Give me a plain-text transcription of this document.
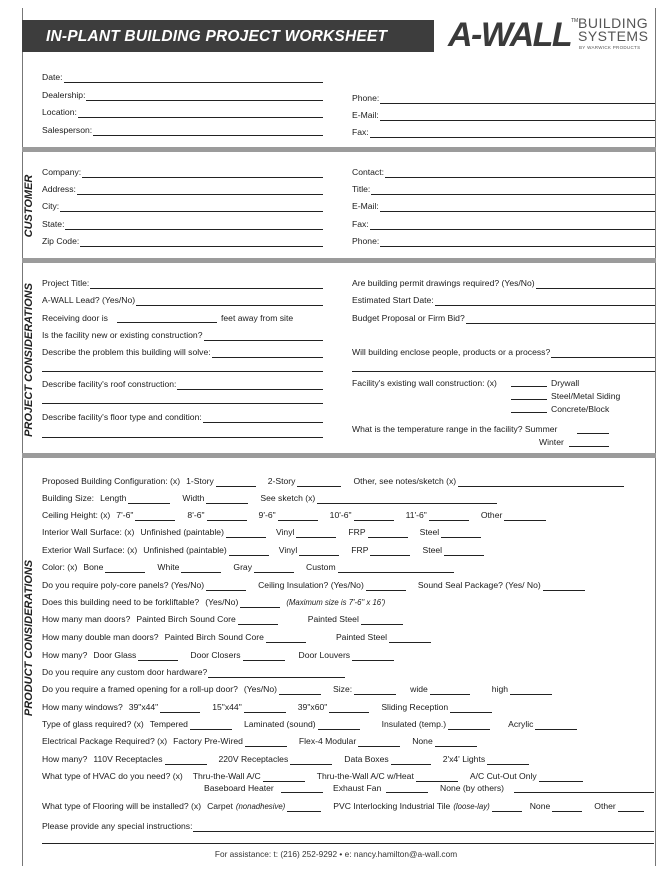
IN-PLANT BUILDING PROJECT WORKSHEET A-WALL TM BUILDING
SYSTEMS
BY WARWICK PRODUCTS
Date:
Dealership:
Location:
Salesperson:
Phone:
E-Mail:
Fax:
CUSTOMER
Company:
Address:
City:
State:
Zip Code:
Contact:
Title:
E-Mail:
Fax:
Phone:
PROJECT CONSIDERATIONS
Project Title:
A-WALL Lead? (Yes/No)
Receiving door is	feet away from site
Is the facility new or existing construction?
Describe the problem this building will solve:
Describe facility's roof construction:
Describe facility's floor type and condition:
Are building permit drawings required? (Yes/No)
Estimated Start Date:
Budget Proposal or Firm Bid?
Will building enclose people, products or a process?
Facility's existing wall construction: (x)	Drywall
Steel/Metal Siding
Concrete/Block
What is the temperature range in the facility? Summer
Winter
PRODUCT CONSIDERATIONS
Proposed Building Configuration: (x) 1-Story	2-Story	Other, see notes/sketch (x)
Building Size: Length	Width	See sketch (x)
Ceiling Height: (x) 7'-6"	8'-6"	9'-6"	10'-6"	11'-6"	Other
Interior Wall Surface: (x) Unfinished (paintable)	Vinyl	FRP	Steel
Exterior Wall Surface: (x) Unfinished (paintable)	Vinyl	FRP	Steel
Color: (x) Bone	White	Gray	Custom
Do you require poly-core panels? (Yes/No)	Ceiling Insulation? (Yes/No)	Sound Seal Package? (Yes/ No)
Does this building need to be forkliftable? (Yes/No)	(Maximum size is 7'-6" x 16')
How many man doors? Painted Birch Sound Core	Painted Steel
How many double man doors? Painted Birch Sound Core	Painted Steel
How many? Door Glass	Door Closers	Door Louvers
Do you require any custom door hardware?
Do you require a framed opening for a roll-up door? (Yes/No)	Size:	wide	high
How many windows? 39"x44"	15"x44"	39"x60"	Sliding Reception
Type of glass required? (x) Tempered	Laminated (sound)	Insulated (temp.)	Acrylic
Electrical Package Required? (x) Factory Pre-Wired	Flex-4 Modular	None
How many? 110V Receptacles	220V Receptacles	Data Boxes	2'x4' Lights
What type of HVAC do you need? (x) Thru-the-Wall A/C	Thru-the-Wall A/C w/Heat	A/C Cut-Out Only
Baseboard Heater	Exhaust Fan	None (by others)
What type of Flooring will be installed? (x) Carpet (nonadhesive)	PVC Interlocking Industrial Tile (loose-lay)	None	Other
Please provide any special instructions:
For assistance: t: (216) 252-9292 • e: nancy.hamilton@a-wall.com
